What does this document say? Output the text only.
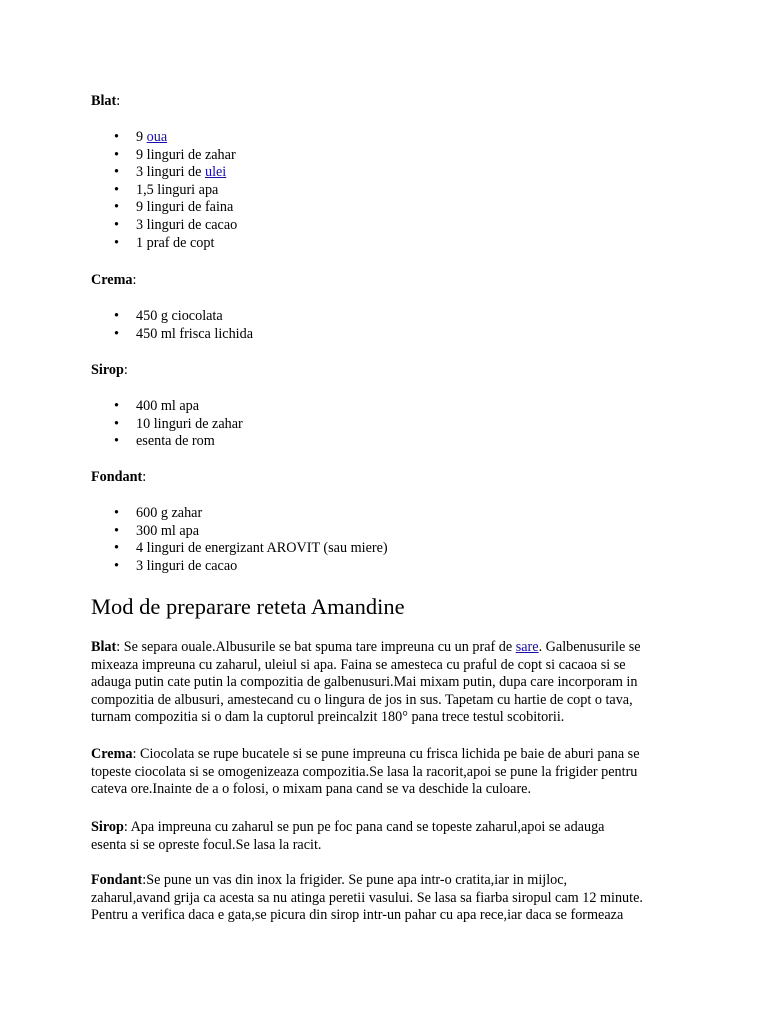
Blat:
• 9 oua
• 9 linguri de zahar
• 3 linguri de ulei
• 1,5 linguri apa
• 9 linguri de faina
• 3 linguri de cacao
• 1 praf de copt
Crema:
• 450 g ciocolata
• 450 ml frisca lichida
Sirop:
• 400 ml apa
• 10 linguri de zahar
• esenta de rom
Fondant:
• 600 g zahar
• 300 ml apa
• 4 linguri de energizant AROVIT (sau miere)
• 3 linguri de cacao
Mod de preparare reteta Amandine

Blat: Se separa ouale.Albusurile se bat spuma tare impreuna cu un praf de sare. Galbenusurile se
mixeaza impreuna cu zaharul, uleiul si apa. Faina se amesteca cu praful de copt si cacaoa si se
adauga putin cate putin la compozitia de galbenusuri.Mai mixam putin, dupa care incorporam in
compozitia de albusuri, amestecand cu o lingura de jos in sus. Tapetam cu hartie de copt o tava,
turnam compozitia si o dam la cuptorul preincalzit 180° pana trece testul scobitorii.

Crema: Ciocolata se rupe bucatele si se pune impreuna cu frisca lichida pe baie de aburi pana se
topeste ciocolata si se omogenizeaza compozitia.Se lasa la racorit,apoi se pune la frigider pentru
cateva ore.Inainte de a o folosi, o mixam pana cand se va deschide la culoare.

Sirop: Apa impreuna cu zaharul se pun pe foc pana cand se topeste zaharul,apoi se adauga
esenta si se opreste focul.Se lasa la racit.

Fondant:Se pune un vas din inox la frigider. Se pune apa intr-o cratita,iar in mijloc,
zaharul,avand grija ca acesta sa nu atinga peretii vasului. Se lasa sa fiarba siropul cam 12 minute.
Pentru a verifica daca e gata,se picura din sirop intr-un pahar cu apa rece,iar daca se formeaza
